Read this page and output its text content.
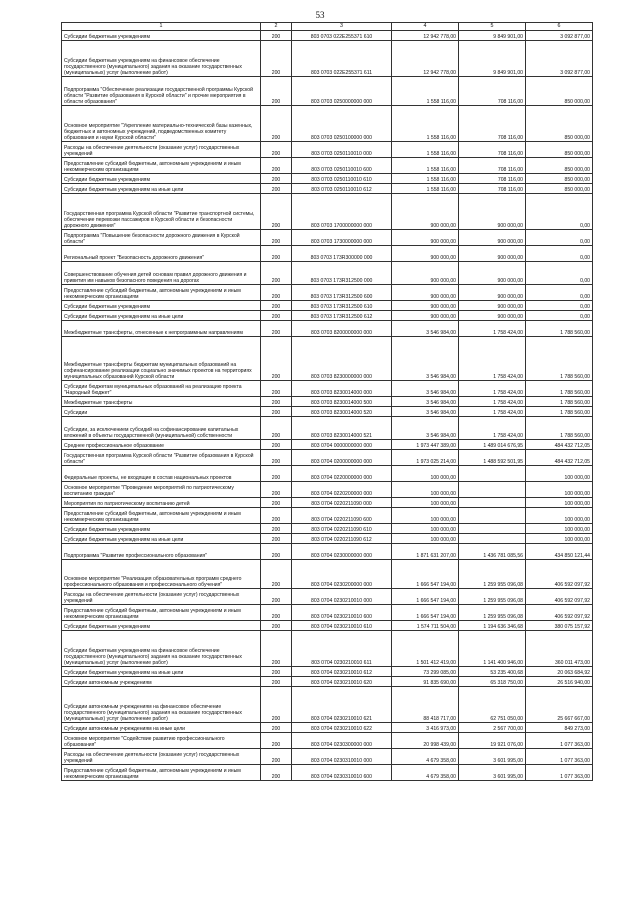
53
1	2	3	4	5	6
Субсидии бюджетным учреждениям	200	803 0703 022E255371 610	12 942 778,00	9 849 901,00	3 092 877,00
Субсидии бюджетным учреждениям на финансовое обеспечение государственного (муниципального) задания на оказание государственных (муниципальных) услуг (выполнение работ)	200	803 0703 022E255371 611	12 942 778,00	9 849 901,00	3 092 877,00
Подпрограмма "Обеспечение реализации государственной программы Курской области "Развитие образования в Курской области" и прочие мероприятия в области образования"	200	803 0703 0250000000 000	1 558 116,00	708 116,00	850 000,00
Основное мероприятие "Укрепление материально-технической базы казенных, бюджетных и автономных учреждений, подведомственных комитету образования и науки Курской области"	200	803 0703 0250100000 000	1 558 116,00	708 116,00	850 000,00
Расходы на обеспечение деятельности (оказание услуг) государственных учреждений	200	803 0703 0250110010 000	1 558 116,00	708 116,00	850 000,00
Предоставление субсидий бюджетным, автономным учреждениям и иным некоммерческим организациям	200	803 0703 0250110010 600	1 558 116,00	708 116,00	850 000,00
Субсидии бюджетным учреждениям	200	803 0703 0250110010 610	1 558 116,00	708 116,00	850 000,00
Субсидии бюджетным учреждениям на иные цели	200	803 0703 0250110010 612	1 558 116,00	708 116,00	850 000,00
Государственная программа Курской области "Развитие транспортной системы, обеспечение перевозки пассажиров в Курской области и безопасности дорожного движения"	200	803 0703 1700000000 000	900 000,00	900 000,00	0,00
Подпрограмма "Повышение безопасности дорожного движения в Курской области"	200	803 0703 1730000000 000	900 000,00	900 000,00	0,00
Региональный проект "Безопасность дорожного движения"	200	803 0703 173R300000 000	900 000,00	900 000,00	0,00
Совершенствование обучения детей основам правил дорожного движения и привития им навыков безопасного поведения на дорогах	200	803 0703 173R312500 000	900 000,00	900 000,00	0,00
Предоставление субсидий бюджетным, автономным учреждениям и иным некоммерческим организациям	200	803 0703 173R312500 600	900 000,00	900 000,00	0,00
Субсидии бюджетным учреждениям	200	803 0703 173R312500 610	900 000,00	900 000,00	0,00
Субсидии бюджетным учреждениям на иные цели	200	803 0703 173R312500 612	900 000,00	900 000,00	0,00
Межбюджетные трансферты, отнесенные к непрограммным направлениям	200	803 0703 8200000000 000	3 546 984,00	1 758 424,00	1 788 560,00
Межбюджетные трансферты бюджетам муниципальных образований на софинансирование реализации социально значимых проектов на территориях муниципальных образований Курской области	200	803 0703 8230000000 000	3 546 984,00	1 758 424,00	1 788 560,00
Субсидии бюджетам муниципальных образований на реализацию проекта "Народный бюджет"	200	803 0703 8230014000 000	3 546 984,00	1 758 424,00	1 788 560,00
Межбюджетные трансферты	200	803 0703 8230014000 500	3 546 984,00	1 758 424,00	1 788 560,00
Субсидии	200	803 0703 8230014000 520	3 546 984,00	1 758 424,00	1 788 560,00
Субсидии, за исключением субсидий на софинансирование капитальных вложений в объекты государственной (муниципальной) собственности	200	803 0703 8230014000 521	3 546 984,00	1 758 424,00	1 788 560,00
Среднее профессиональное образование	200	803 0704 0000000000 000	1 973 447 389,00	1 489 014 676,95	484 432 712,05
Государственная программа Курской области "Развитие образования в Курской области"	200	803 0704 0200000000 000	1 973 025 214,00	1 488 592 501,95	484 432 712,05
Федеральные проекты, не входящие в состав национальных проектов	200	803 0704 0220000000 000	100 000,00		100 000,00
Основное мероприятие "Проведение мероприятий по патриотическому воспитанию граждан"	200	803 0704 0220200000 000	100 000,00		100 000,00
Мероприятия по патриотическому воспитанию детей	200	803 0704 0220211090 000	100 000,00		100 000,00
Предоставление субсидий бюджетным, автономным учреждениям и иным некоммерческим организациям	200	803 0704 0220211090 600	100 000,00		100 000,00
Субсидии бюджетным учреждениям	200	803 0704 0220211090 610	100 000,00		100 000,00
Субсидии бюджетным учреждениям на иные цели	200	803 0704 0220211090 612	100 000,00		100 000,00
Подпрограмма "Развитие профессионального образования"	200	803 0704 0230000000 000	1 871 631 207,00	1 436 781 085,56	434 850 121,44
Основное мероприятие "Реализация образовательных программ среднего профессионального образования и профессионального обучения"	200	803 0704 0230200000 000	1 666 547 194,00	1 259 955 096,08	406 592 097,92
Расходы на обеспечение деятельности (оказание услуг) государственных учреждений	200	803 0704 0230210010 000	1 666 547 194,00	1 259 955 096,08	406 592 097,92
Предоставление субсидий бюджетным, автономным учреждениям и иным некоммерческим организациям	200	803 0704 0230210010 600	1 666 547 194,00	1 259 955 096,08	406 592 097,92
Субсидии бюджетным учреждениям	200	803 0704 0230210010 610	1 574 711 504,00	1 194 636 346,68	380 075 157,92
Субсидии бюджетным учреждениям на финансовое обеспечение государственного (муниципального) задания на оказание государственных (муниципальных) услуг (выполнение работ)	200	803 0704 0230210010 611	1 501 412 419,00	1 141 400 946,00	360 011 473,00
Субсидии бюджетным учреждениям на иные цели	200	803 0704 0230210010 612	73 299 085,00	53 235 400,68	20 063 684,92
Субсидии автономным учреждениям	200	803 0704 0230210010 620	91 835 690,00	65 318 750,00	26 516 940,00
Субсидии автономным учреждениям на финансовое обеспечение государственного (муниципального) задания на оказание государственных (муниципальных) услуг (выполнение работ)	200	803 0704 0230210010 621	88 418 717,00	62 751 050,00	25 667 667,00
Субсидии автономным учреждениям на иные цели	200	803 0704 0230210010 622	3 416 973,00	2 567 700,00	849 273,00
Основное мероприятие "Содействие развитию профессионального образования"	200	803 0704 0230300000 000	20 998 439,00	19 921 076,00	1 077 363,00
Расходы на обеспечение деятельности (оказание услуг) государственных учреждений	200	803 0704 0230310010 000	4 679 358,00	3 601 995,00	1 077 363,00
Предоставление субсидий бюджетным, автономным учреждениям и иным некоммерческим организациям	200	803 0704 0230310010 600	4 679 358,00	3 601 995,00	1 077 363,00
